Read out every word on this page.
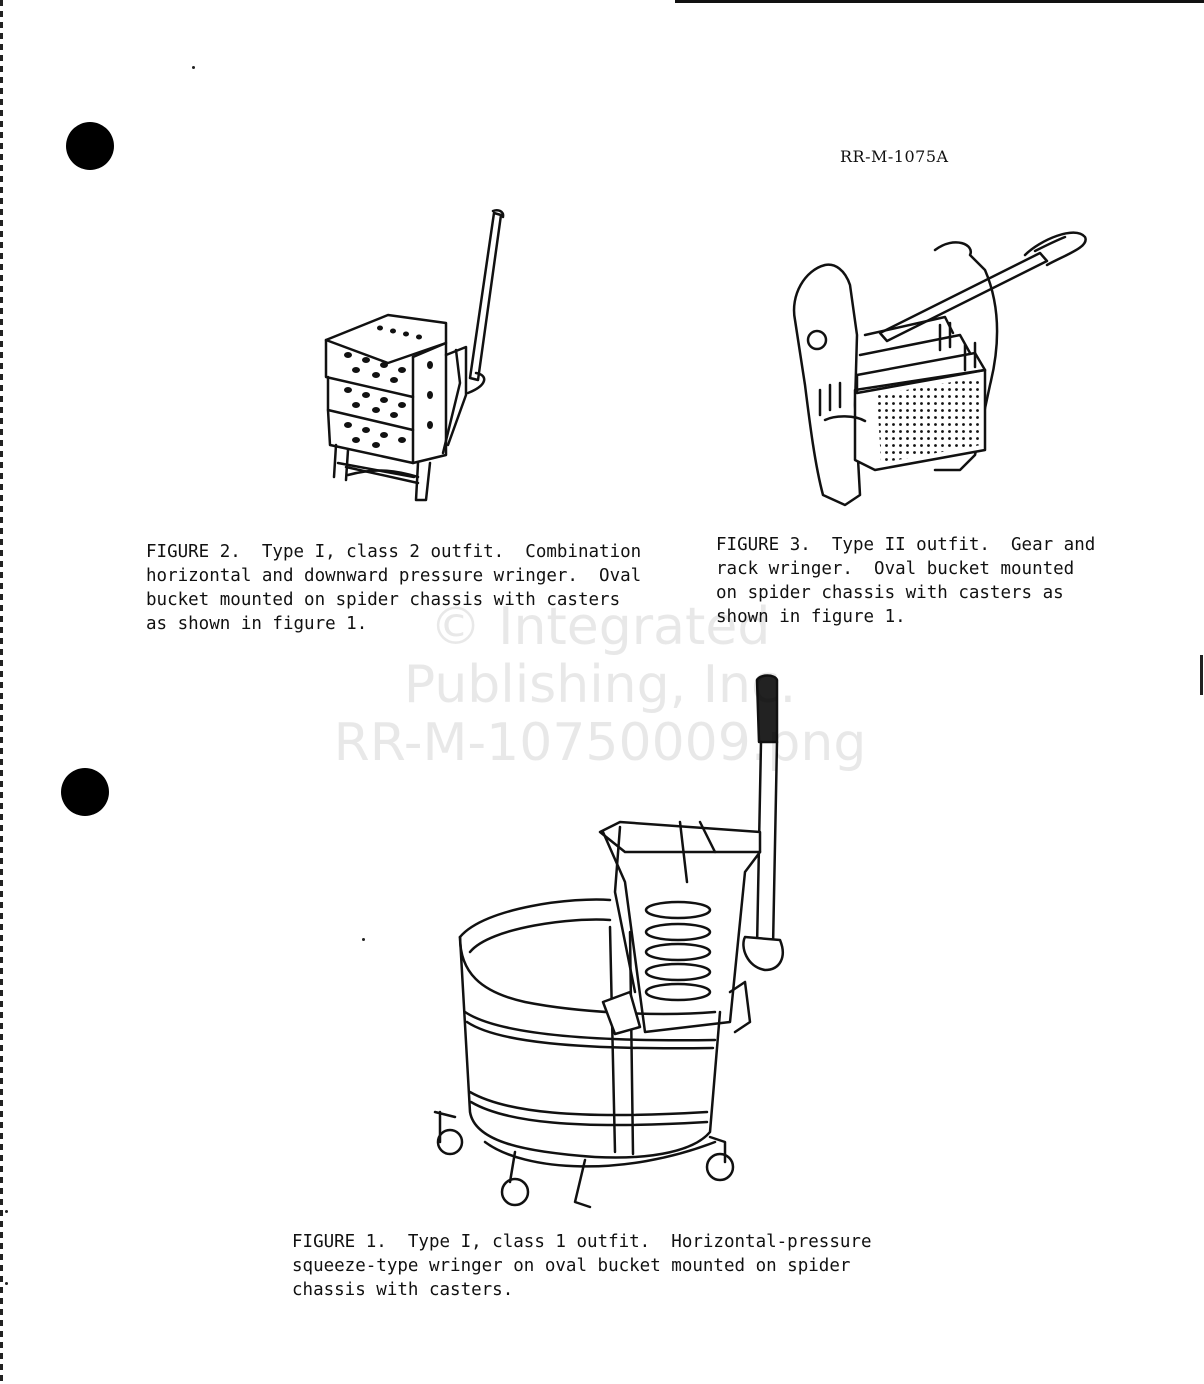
RR-M-1075A

FIGURE 2.  Type I, class 2 outfit.  Combination
horizontal and downward pressure wringer.  Oval
bucket mounted on spider chassis with casters
as shown in figure 1.

FIGURE 3.  Type II outfit.  Gear and
rack wringer.  Oval bucket mounted
on spider chassis with casters as
shown in figure 1.

FIGURE 1.  Type I, class 1 outfit.  Horizontal-pressure
squeeze-type wringer on oval bucket mounted on spider
chassis with casters.

© Integrated
Publishing, Inc.
RR-M-10750009.png
